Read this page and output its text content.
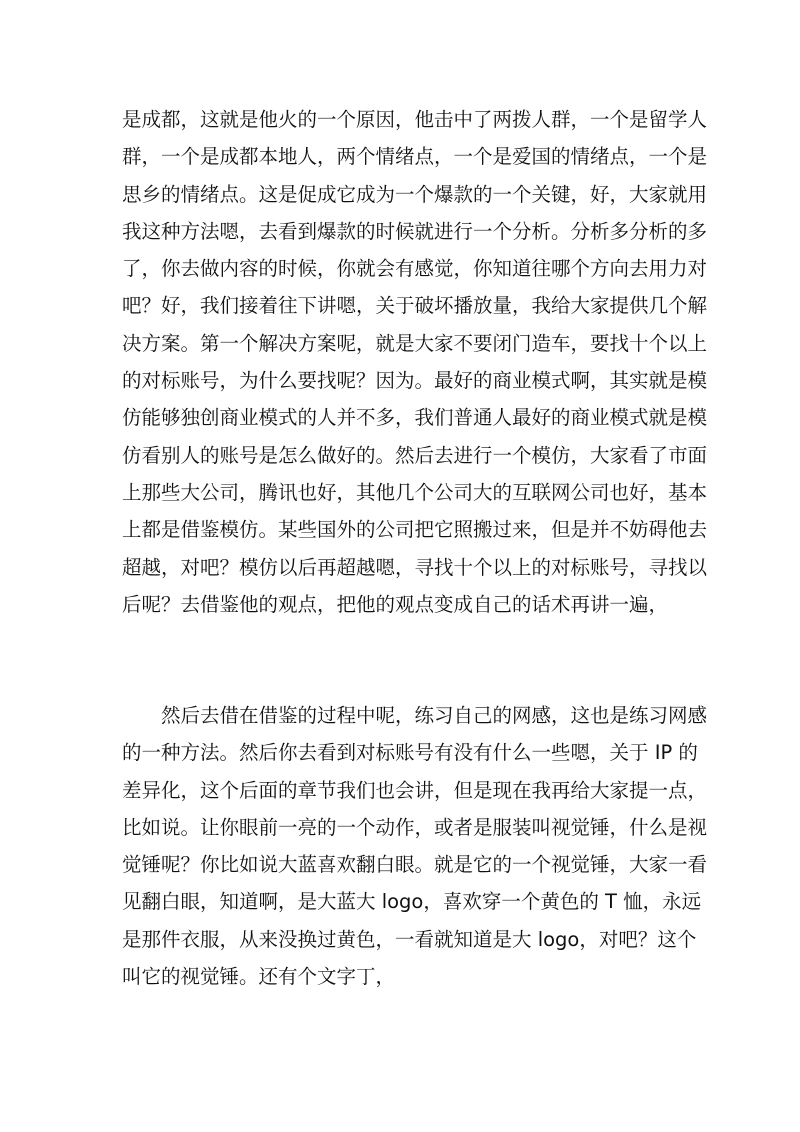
是成都，这就是他火的一个原因，他击中了两拨人群，一个是留学人
群，一个是成都本地人，两个情绪点，一个是爱国的情绪点，一个是
思乡的情绪点。这是促成它成为一个爆款的一个关键，好，大家就用
我这种方法嗯，去看到爆款的时候就进行一个分析。分析多分析的多
了，你去做内容的时候，你就会有感觉，你知道往哪个方向去用力对
吧？好，我们接着往下讲嗯，关于破坏播放量，我给大家提供几个解
决方案。第一个解决方案呢，就是大家不要闭门造车，要找十个以上
的对标账号，为什么要找呢？因为。最好的商业模式啊，其实就是模
仿能够独创商业模式的人并不多，我们普通人最好的商业模式就是模
仿看别人的账号是怎么做好的。然后去进行一个模仿，大家看了市面
上那些大公司，腾讯也好，其他几个公司大的互联网公司也好，基本
上都是借鉴模仿。某些国外的公司把它照搬过来，但是并不妨碍他去
超越，对吧？模仿以后再超越嗯，寻找十个以上的对标账号，寻找以
后呢？去借鉴他的观点，把他的观点变成自己的话术再讲一遍，
然后去借在借鉴的过程中呢，练习自己的网感，这也是练习网感
的一种方法。然后你去看到对标账号有没有什么一些嗯，关于 IP 的
差异化，这个后面的章节我们也会讲，但是现在我再给大家提一点，
比如说。让你眼前一亮的一个动作，或者是服装叫视觉锤，什么是视
觉锤呢？你比如说大蓝喜欢翻白眼。就是它的一个视觉锤，大家一看
见翻白眼，知道啊，是大蓝大 logo，喜欢穿一个黄色的 T 恤，永远
是那件衣服，从来没换过黄色，一看就知道是大 logo，对吧？这个
叫它的视觉锤。还有个文字丁，
